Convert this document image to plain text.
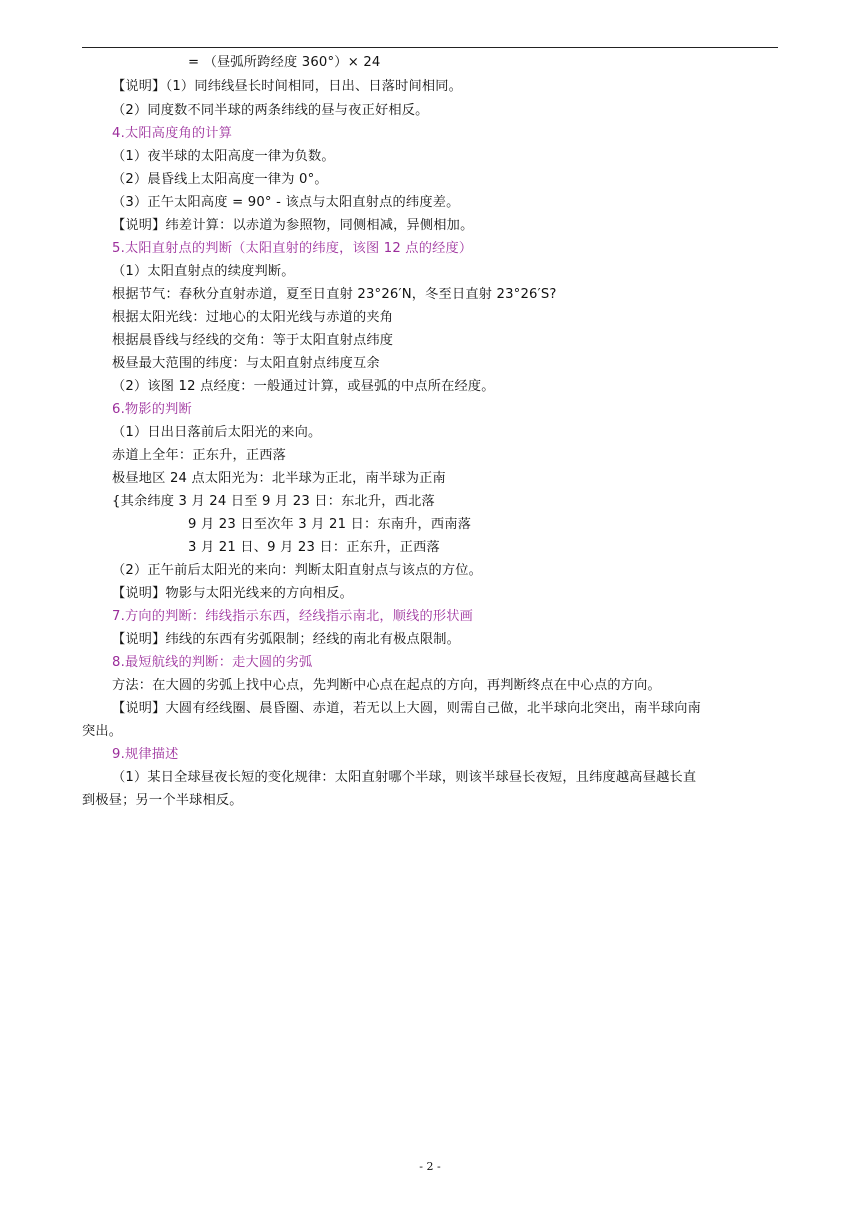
= （昼弧所跨经度 360°）× 24
【说明】（1）同纬线昼长时间相同，日出、日落时间相同。
（2）同度数不同半球的两条纬线的昼与夜正好相反。
4.太阳高度角的计算
（1）夜半球的太阳高度一律为负数。
（2）晨昏线上太阳高度一律为 0°。
（3）正午太阳高度 = 90° - 该点与太阳直射点的纬度差。
【说明】纬差计算：以赤道为参照物，同侧相减，异侧相加。
5.太阳直射点的判断（太阳直射的纬度，该图 12 点的经度）
（1）太阳直射点的续度判断。
根据节气：春秋分直射赤道，夏至日直射 23°26′N，冬至日直射 23°26′S?
根据太阳光线：过地心的太阳光线与赤道的夹角
根据晨昏线与经线的交角：等于太阳直射点纬度
极昼最大范围的纬度：与太阳直射点纬度互余
（2）该图 12 点经度：一般通过计算，或昼弧的中点所在经度。
6.物影的判断
（1）日出日落前后太阳光的来向。
赤道上全年：正东升，正西落
极昼地区 24 点太阳光为：北半球为正北，南半球为正南
{其余纬度 3 月 24 日至 9 月 23 日：东北升，西北落
9 月 23 日至次年 3 月 21 日：东南升，西南落
3 月 21 日、9 月 23 日：正东升，正西落
（2）正午前后太阳光的来向：判断太阳直射点与该点的方位。
【说明】物影与太阳光线来的方向相反。
7.方向的判断：纬线指示东西，经线指示南北，顺线的形状画
【说明】纬线的东西有劣弧限制；经线的南北有极点限制。
8.最短航线的判断：走大圆的劣弧
方法：在大圆的劣弧上找中心点，先判断中心点在起点的方向，再判断终点在中心点的方向。
【说明】大圆有经线圈、晨昏圈、赤道，若无以上大圆，则需自己做，北半球向北突出，南半球向南
突出。
9.规律描述
（1）某日全球昼夜长短的变化规律：太阳直射哪个半球，则该半球昼长夜短，且纬度越高昼越长直
到极昼；另一个半球相反。
- 2 -
